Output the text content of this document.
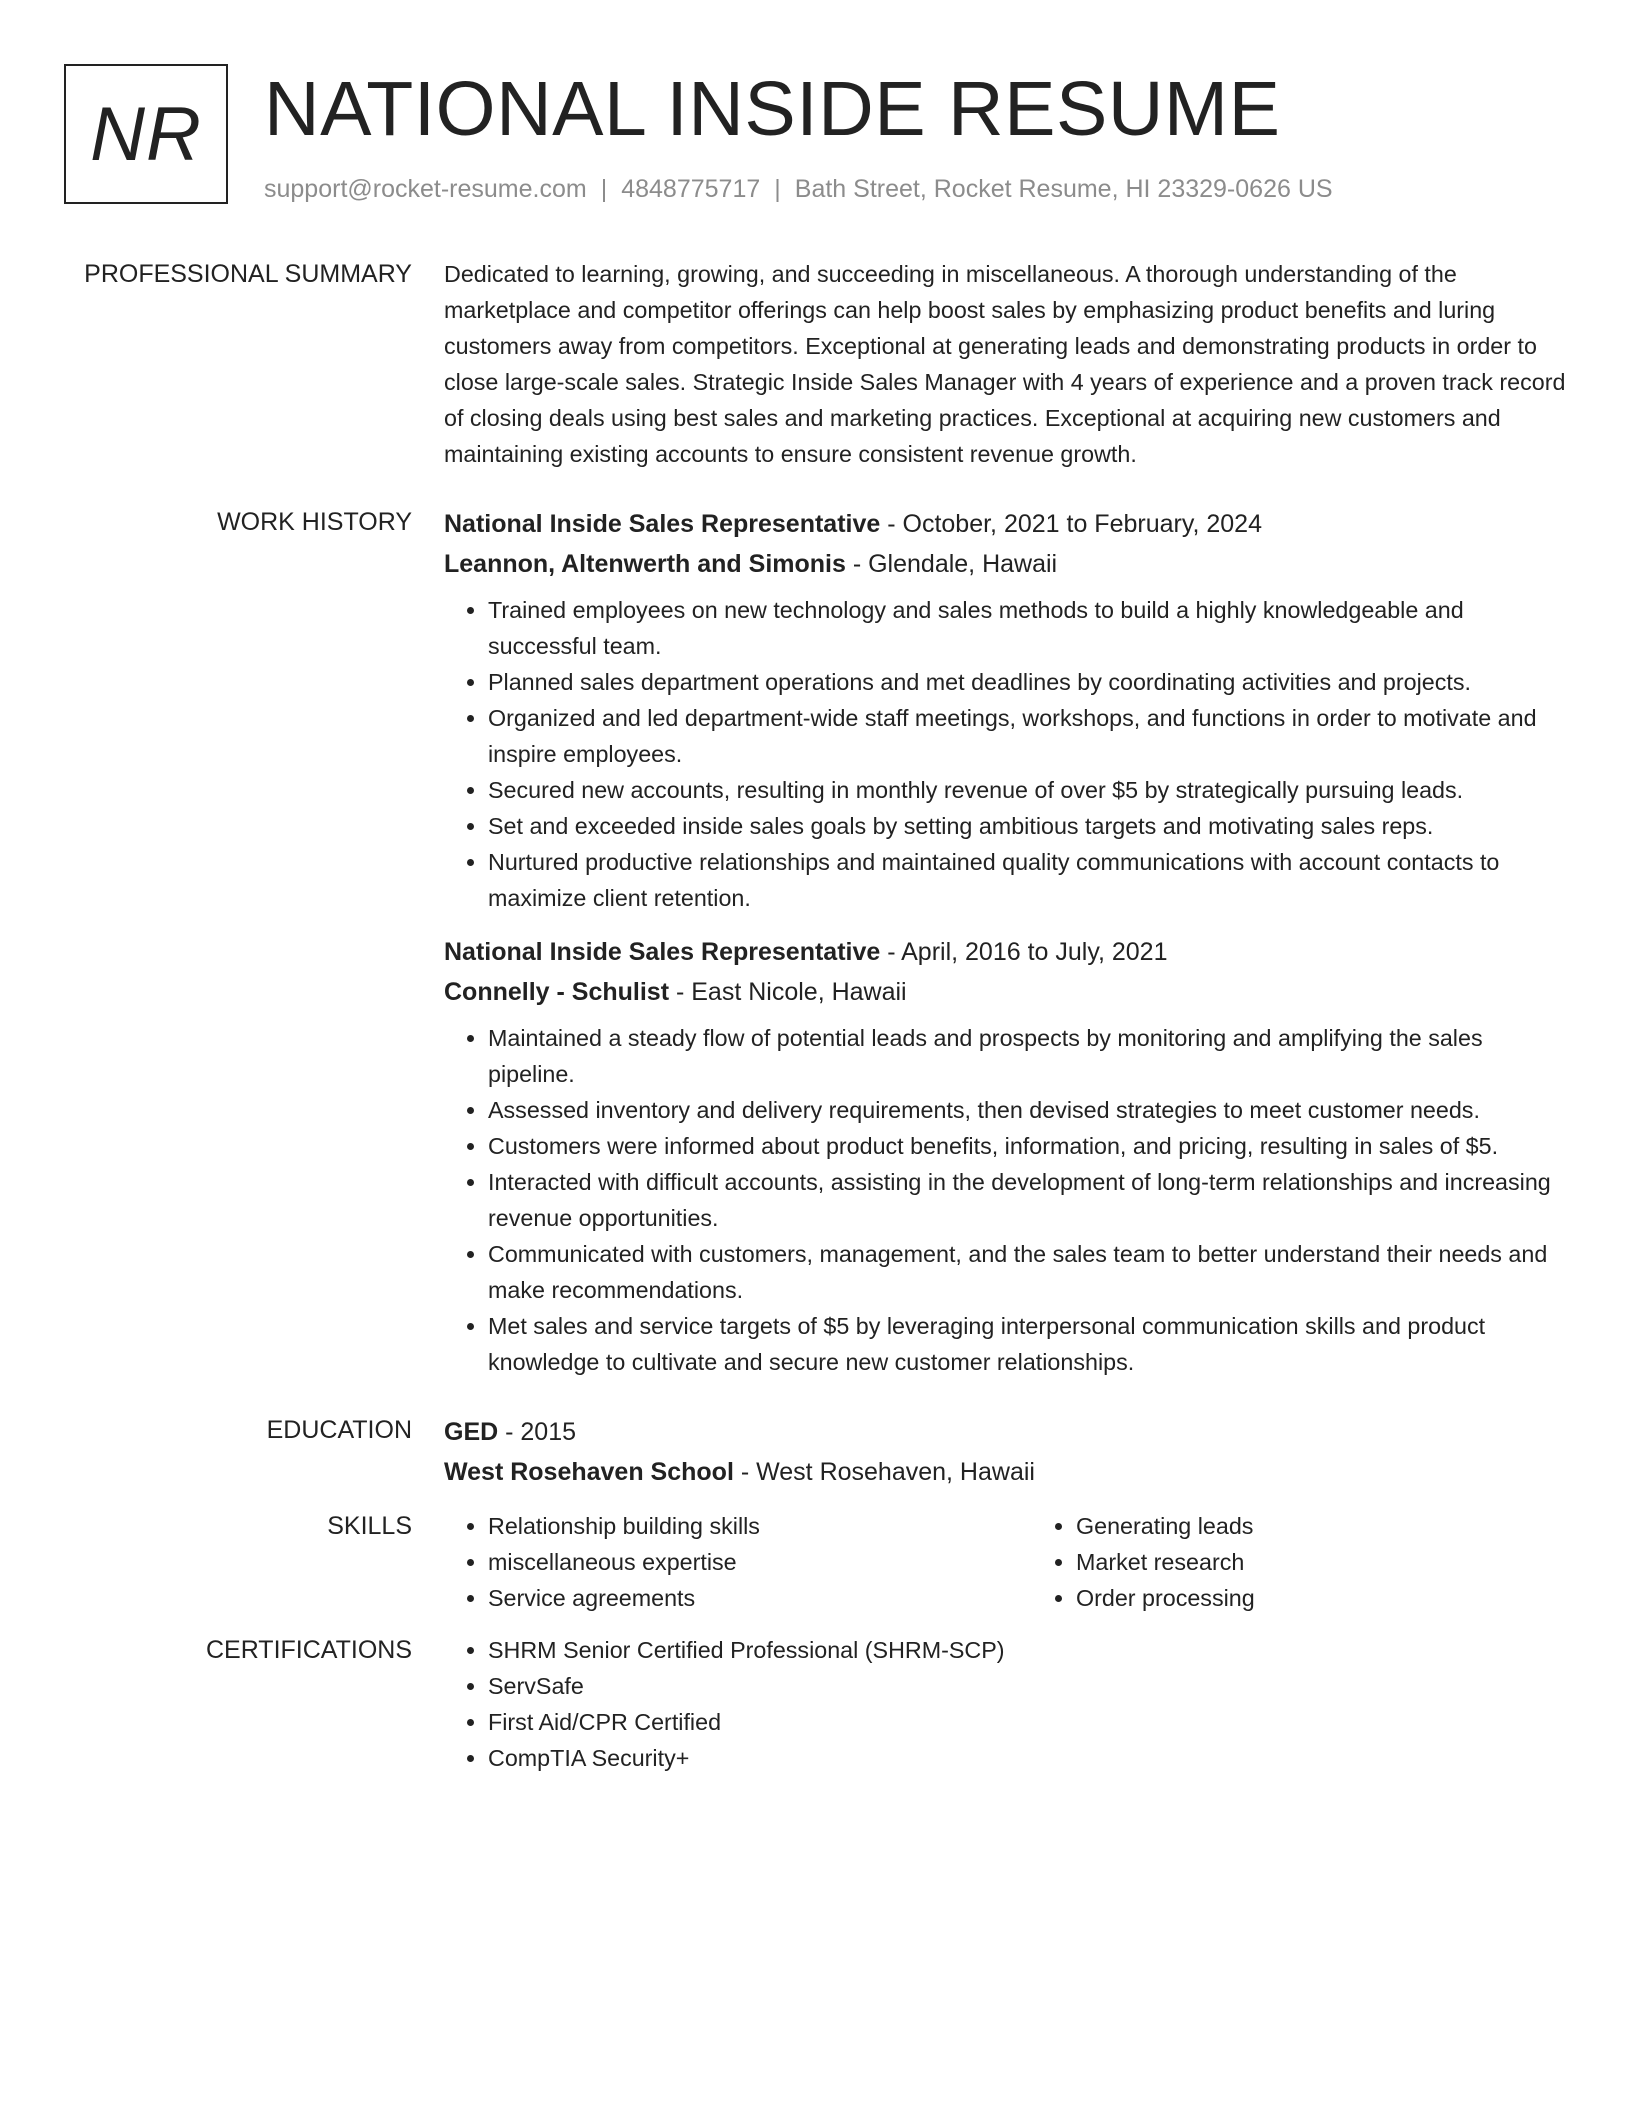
NR NATIONAL INSIDE RESUME
support@rocket-resume.com | 4848775717 | Bath Street, Rocket Resume, HI 23329-0626 US
PROFESSIONAL SUMMARY Dedicated to learning, growing, and succeeding in miscellaneous. A thorough understanding of the marketplace and competitor offerings can help boost sales by emphasizing product benefits and luring customers away from competitors. Exceptional at generating leads and demonstrating products in order to close large-scale sales. Strategic Inside Sales Manager with 4 years of experience and a proven track record of closing deals using best sales and marketing practices. Exceptional at acquiring new customers and maintaining existing accounts to ensure consistent revenue growth.

WORK HISTORY National Inside Sales Representative - October, 2021 to February, 2024
Leannon, Altenwerth and Simonis - Glendale, Hawaii
• Trained employees on new technology and sales methods to build a highly knowledgeable and successful team.
• Planned sales department operations and met deadlines by coordinating activities and projects.
• Organized and led department-wide staff meetings, workshops, and functions in order to motivate and inspire employees.
• Secured new accounts, resulting in monthly revenue of over $5 by strategically pursuing leads.
• Set and exceeded inside sales goals by setting ambitious targets and motivating sales reps.
• Nurtured productive relationships and maintained quality communications with account contacts to maximize client retention.
National Inside Sales Representative - April, 2016 to July, 2021
Connelly - Schulist - East Nicole, Hawaii
• Maintained a steady flow of potential leads and prospects by monitoring and amplifying the sales pipeline.
• Assessed inventory and delivery requirements, then devised strategies to meet customer needs.
• Customers were informed about product benefits, information, and pricing, resulting in sales of $5.
• Interacted with difficult accounts, assisting in the development of long-term relationships and increasing revenue opportunities.
• Communicated with customers, management, and the sales team to better understand their needs and make recommendations.
• Met sales and service targets of $5 by leveraging interpersonal communication skills and product knowledge to cultivate and secure new customer relationships.
EDUCATION GED - 2015
West Rosehaven School - West Rosehaven, Hawaii
SKILLS	• Relationship building skills
• miscellaneous expertise
• Service agreements
• Generating leads
• Market research
• Order processing
CERTIFICATIONS	• SHRM Senior Certified Professional (SHRM-SCP)
• ServSafe
• First Aid/CPR Certified
• CompTIA Security+
